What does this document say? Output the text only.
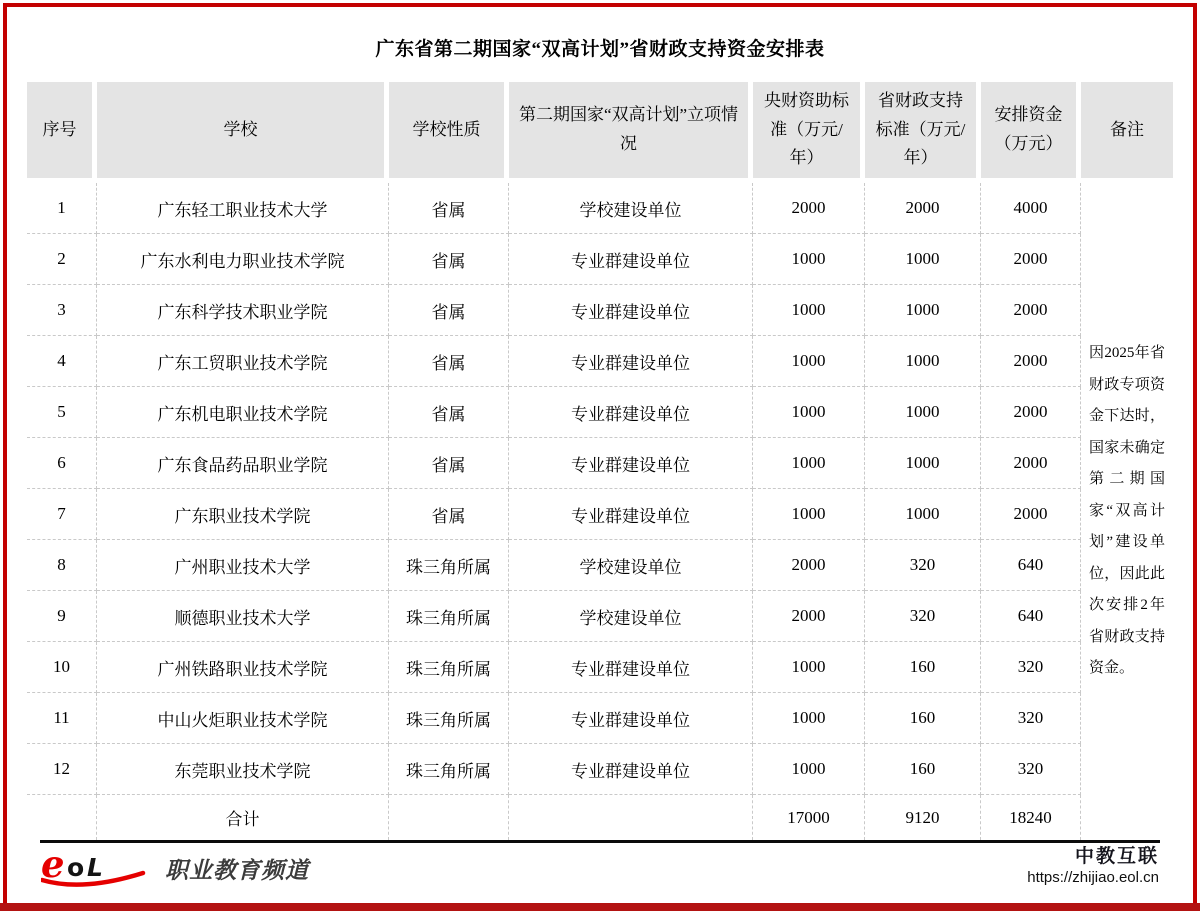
广东省第二期国家“双高计划”省财政支持资金安排表
序号	学校	学校性质	第二期国家“双高计划”立项情况	央财资助标准（万元/年）	省财政支持标准（万元/年）	安排资金（万元）	备注
1	广东轻工职业技术大学	省属	学校建设单位	2000	2000	4000	因2025年省财政专项资金下达时，国家未确定第二期国家“双高计划”建设单位，因此此次安排2年省财政支持资金。
2	广东水利电力职业技术学院	省属	专业群建设单位	1000	1000	2000	
3	广东科学技术职业学院	省属	专业群建设单位	1000	1000	2000	
4	广东工贸职业技术学院	省属	专业群建设单位	1000	1000	2000	
5	广东机电职业技术学院	省属	专业群建设单位	1000	1000	2000	
6	广东食品药品职业学院	省属	专业群建设单位	1000	1000	2000	
7	广东职业技术学院	省属	专业群建设单位	1000	1000	2000	
8	广州职业技术大学	珠三角所属	学校建设单位	2000	320	640	
9	顺德职业技术大学	珠三角所属	学校建设单位	2000	320	640	
10	广州铁路职业技术学院	珠三角所属	专业群建设单位	1000	160	320	
11	中山火炬职业技术学院	珠三角所属	专业群建设单位	1000	160	320	
12	东莞职业技术学院	珠三角所属	专业群建设单位	1000	160	320	
	合计			17000	9120	18240	
e o L	职业教育频道	中教互联
https://zhijiao.eol.cn
